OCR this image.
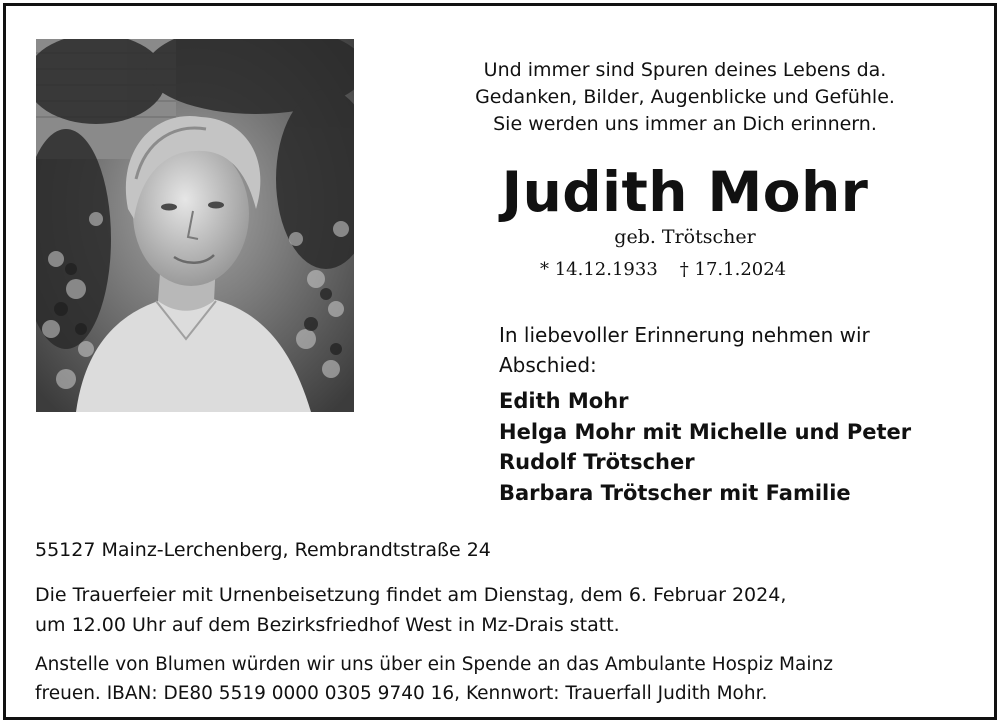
Und immer sind Spuren deines Lebens da.
Gedanken, Bilder, Augenblicke und Gefühle.
Sie werden uns immer an Dich erinnern.
Judith Mohr
geb. Trötscher
* 14.12.1933 † 17.1.2024
In liebevoller Erinnerung nehmen wir
Abschied:
Edith Mohr
Helga Mohr mit Michelle und Peter
Rudolf Trötscher
Barbara Trötscher mit Familie
55127 Mainz-Lerchenberg, Rembrandtstraße 24
Die Trauerfeier mit Urnenbeisetzung findet am Dienstag, dem 6. Februar 2024,
um 12.00 Uhr auf dem Bezirksfriedhof West in Mz-Drais statt.
Anstelle von Blumen würden wir uns über ein Spende an das Ambulante Hospiz Mainz
freuen. IBAN: DE80 5519 0000 0305 9740 16, Kennwort: Trauerfall Judith Mohr.
